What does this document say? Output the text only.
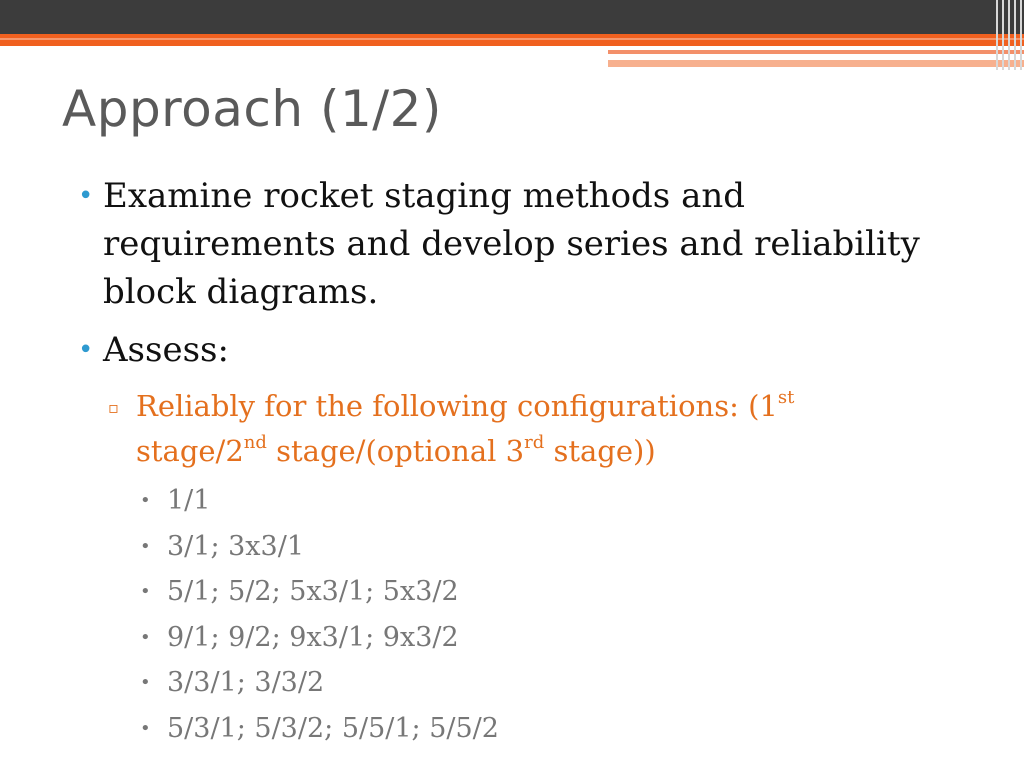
Approach (1/2)
• Examine rocket staging methods and requirements and develop series and reliability block diagrams.
• Assess:
▫ Reliably for the following configurations: (1st stage/2nd stage/(optional 3rd stage))
• 1/1
• 3/1; 3x3/1
• 5/1; 5/2; 5x3/1; 5x3/2
• 9/1; 9/2; 9x3/1; 9x3/2
• 3/3/1; 3/3/2
• 5/3/1; 5/3/2; 5/5/1; 5/5/2
